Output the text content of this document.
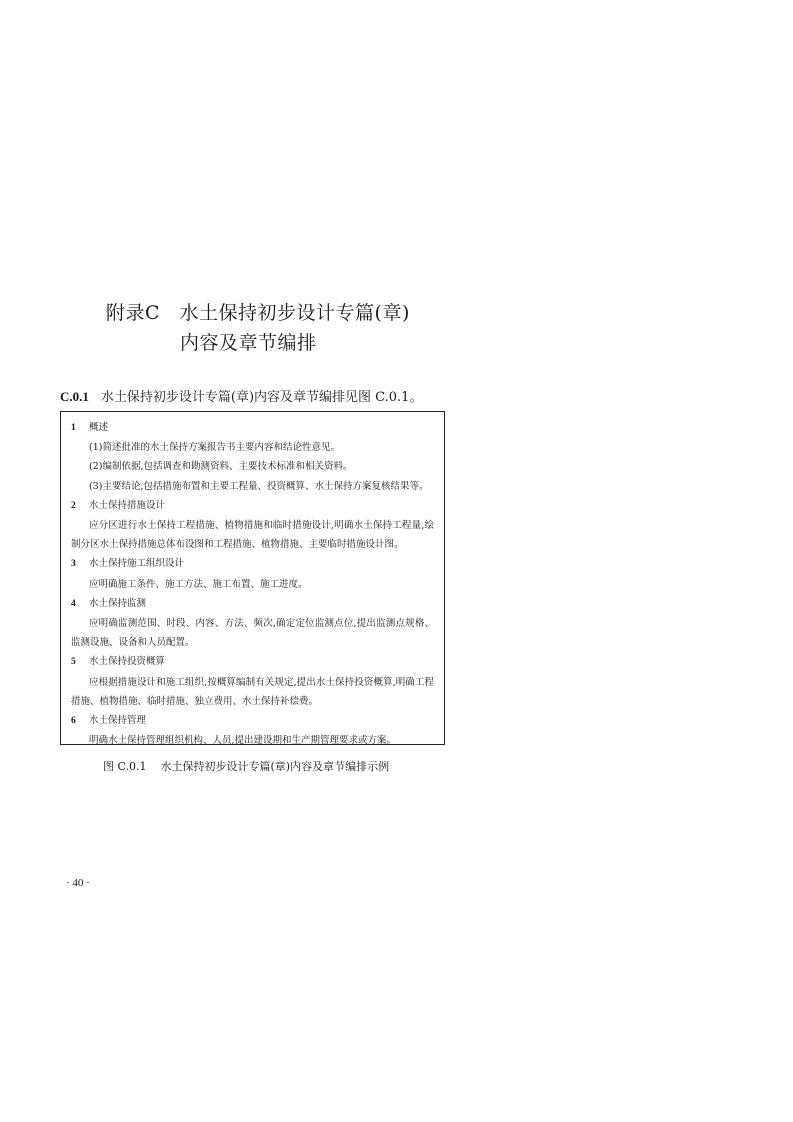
附录C　水土保持初步设计专篇(章)
内容及章节编排
C.0.1 水土保持初步设计专篇(章)内容及章节编排见图 C.0.1。
1 概述
(1)简述批准的水土保持方案报告书主要内容和结论性意见。
(2)编制依据,包括调查和勘测资料、主要技术标准和相关资料。
(3)主要结论,包括措施布置和主要工程量、投资概算、水土保持方案复核结果等。
2 水土保持措施设计
应分区进行水土保持工程措施、植物措施和临时措施设计,明确水土保持工程量,绘制分区水土保持措施总体布设图和工程措施、植物措施、主要临时措施设计图。
3 水土保持施工组织设计
应明确施工条件、施工方法、施工布置、施工进度。
4 水土保持监测
应明确监测范围、时段、内容、方法、频次,确定定位监测点位,提出监测点规格、监测设施、设备和人员配置。
5 水土保持投资概算
应根据措施设计和施工组织,按概算编制有关规定,提出水土保持投资概算,明确工程措施、植物措施、临时措施、独立费用、水土保持补偿费。
6 水土保持管理
明确水土保持管理组织机构、人员,提出建设期和生产期管理要求或方案。
图 C.0.1 水土保持初步设计专篇(章)内容及章节编排示例
· 40 ·
